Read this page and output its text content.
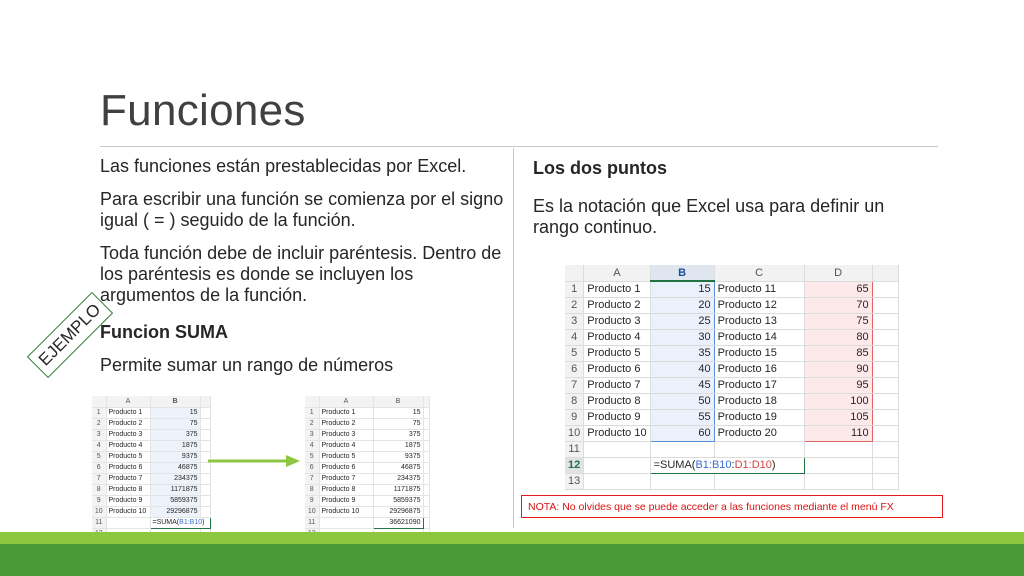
Funciones

Las funciones están prestablecidas por Excel.

Para escribir una función se comienza por el signo igual ( = ) seguido de la función.

Toda función debe de incluir paréntesis. Dentro de los paréntesis es donde se incluyen los argumentos de la función.

Funcion SUMA

Permite sumar un rango de números

Los dos puntos

Es la notación que Excel usa para definir un rango continuo.

EJEMPLO
	A	B	
1	Producto 1	15	
2	Producto 2	75	
3	Producto 3	375	
4	Producto 4	1875	
5	Producto 5	9375	
6	Producto 6	46875	
7	Producto 7	234375	
8	Producto 8	1171875	
9	Producto 9	5859375	
10	Producto 10	29296875	
11		=SUMA(B1:B10)	

	A	B	
1	Producto 1	15	
2	Producto 2	75	
3	Producto 3	375	
4	Producto 4	1875	
5	Producto 5	9375	
6	Producto 6	46875	
7	Producto 7	234375	
8	Producto 8	1171875	
9	Producto 9	5859375	
10	Producto 10	29296875	
11		36621090	

	A	B	C	D	
1	Producto 1	15	Producto 11	65	
2	Producto 2	20	Producto 12	70	
3	Producto 3	25	Producto 13	75	
4	Producto 4	30	Producto 14	80	
5	Producto 5	35	Producto 15	85	
6	Producto 6	40	Producto 16	90	
7	Producto 7	45	Producto 17	95	
8	Producto 8	50	Producto 18	100	
9	Producto 9	55	Producto 19	105	
10	Producto 10	60	Producto 20	110	
11					
12		=SUMA(B1:B10:D1:D10)			
13					
NOTA: No olvides que se puede acceder a las funciones mediante el menú FX
